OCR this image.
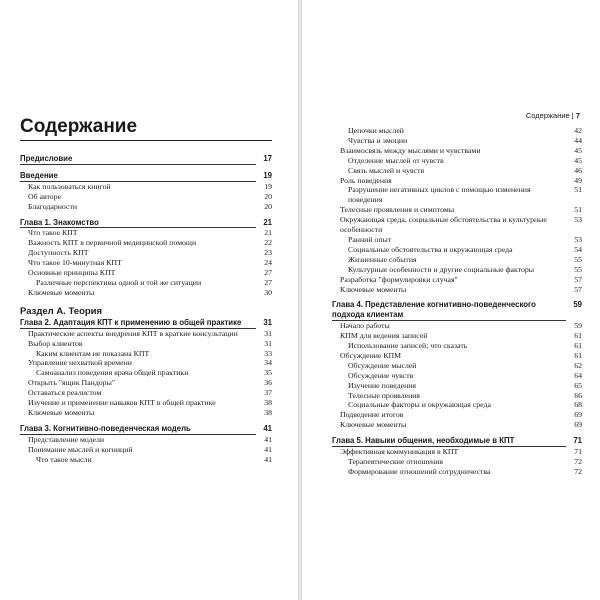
Содержание
Предисловие	17
Введение	19
Как пользоваться книгой	19
Об авторе	20
Благодарности	20
Глава 1. Знакомство	21
Что такое КПТ	21
Важность КПТ в первичной медицинской помощи	22
Доступность КПТ	23
Что такое 10-минутная КПТ	24
Основные принципы КПТ	27
Различные перспективы одной и той же ситуации	27
Ключевые моменты	30
Раздел А. Теория
Глава 2. Адаптация КПТ к применению в общей практике	31
Практические аспекты внедрения КПТ в краткие консультации	31
Выбор клиентов	31
Каким клиентам не показана КПТ	33
Управление нехваткой времени	34
Самоанализ поведения врача общей практики	35
Открыть "ящик Пандоры"	36
Оставаться реалистом	37
Изучение и применение навыков КПТ в общей практике	38
Ключевые моменты	38
Глава 3. Когнитивно-поведенческая модель	41
Представление модели	41
Понимание мыслей и когниций	41
Что такое мысли	41
Содержание | 7
Цепочки мыслей	42
Чувства и эмоции	44
Взаимосвязь между мыслями и чувствами	45
Отделение мыслей от чувств	45
Связь мыслей и чувств	46
Роль поведения	49
Разрушение негативных циклов с помощью изменения поведения
51
Телесные проявления и симптомы	51
Окружающая среда, социальные обстоятельства и культурные особенности
53
Ранний опыт	53
Социальные обстоятельства и окружающая среда	54
Жизненные события	55
Культурные особенности и другие социальные факторы	55
Разработка "формулировки случая"	57
Ключевые моменты	57
Глава 4. Представление когнитивно-поведенческого подхода клиентам
59
Начало работы	59
КПМ для ведения записей	61
Использование записей; что сказать	61
Обсуждение КПМ	61
Обсуждение мыслей	62
Обсуждение чувств	64
Изучение поведения	65
Телесные проявления	66
Социальные факторы и окружающая среда	68
Подведение итогов	69
Ключевые моменты	69
Глава 5. Навыки общения, необходимые в КПТ	71
Эффективная коммуникация в КПТ	71
Терапевтические отношения	72
Формирование отношений сотрудничества	72
